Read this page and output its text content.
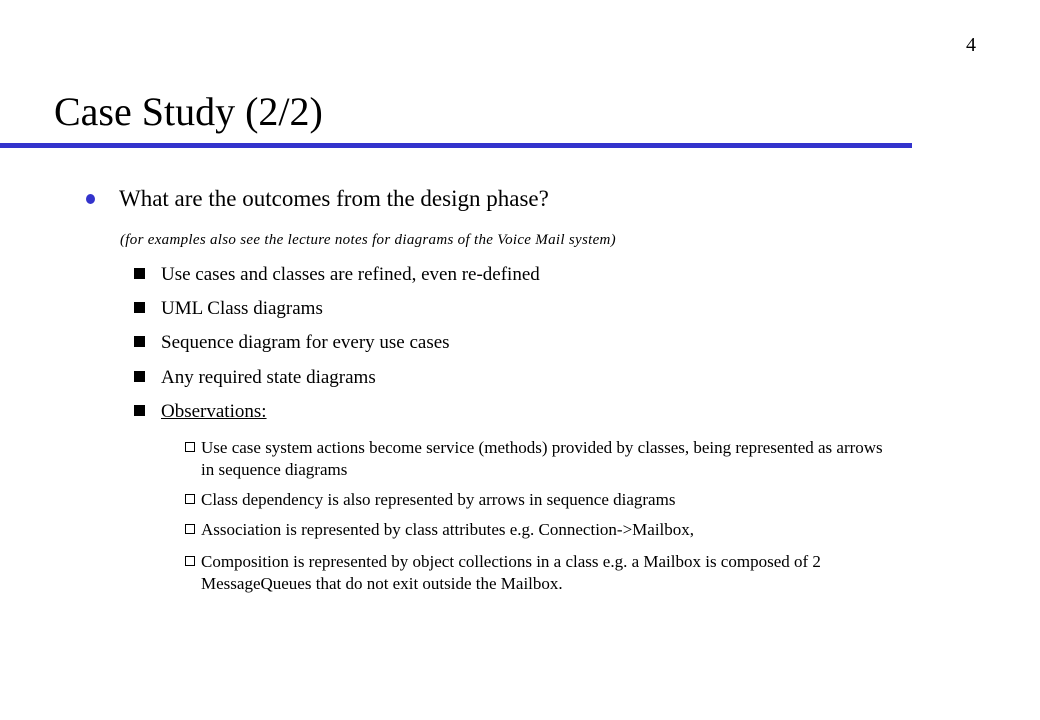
4
Case Study (2/2)
What are the outcomes from the design phase?
(for examples also see the lecture notes for diagrams of the Voice Mail system)
Use cases and classes are refined, even re-defined
UML Class diagrams
Sequence diagram for every use cases
Any required state diagrams
Observations:
Use case system actions become service (methods) provided by classes, being represented as arrows in sequence diagrams
Class dependency is also represented by arrows in sequence diagrams
Association is represented by class attributes e.g. Connection->Mailbox,
Composition is represented by object collections in a class e.g. a Mailbox is composed of 2 MessageQueues that do not exit outside the Mailbox.
